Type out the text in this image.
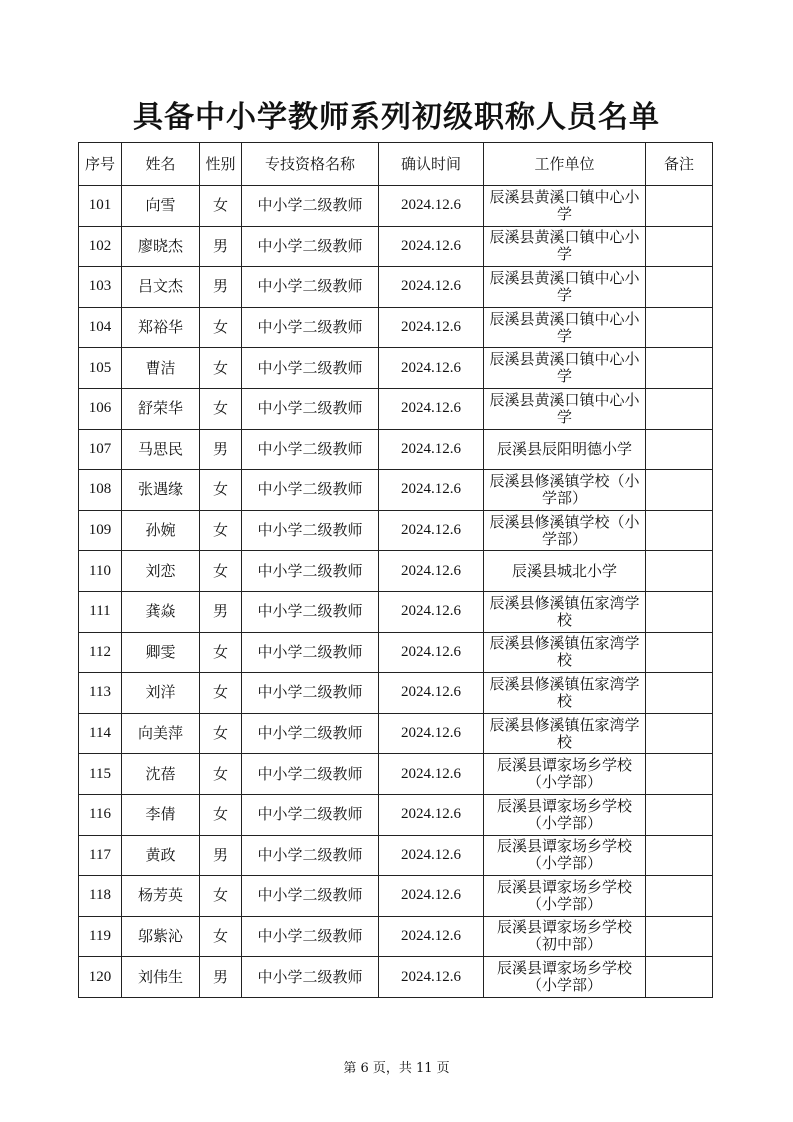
具备中小学教师系列初级职称人员名单
序号	姓名	性别	专技资格名称	确认时间	工作单位	备注
101	向雪	女	中小学二级教师	2024.12.6	辰溪县黄溪口镇中心小学	
102	廖晓杰	男	中小学二级教师	2024.12.6	辰溪县黄溪口镇中心小学	
103	吕文杰	男	中小学二级教师	2024.12.6	辰溪县黄溪口镇中心小学	
104	郑裕华	女	中小学二级教师	2024.12.6	辰溪县黄溪口镇中心小学	
105	曹洁	女	中小学二级教师	2024.12.6	辰溪县黄溪口镇中心小学	
106	舒荣华	女	中小学二级教师	2024.12.6	辰溪县黄溪口镇中心小学	
107	马思民	男	中小学二级教师	2024.12.6	辰溪县辰阳明德小学	
108	张遇缘	女	中小学二级教师	2024.12.6	辰溪县修溪镇学校（小学部）	
109	孙婉	女	中小学二级教师	2024.12.6	辰溪县修溪镇学校（小学部）	
110	刘恋	女	中小学二级教师	2024.12.6	辰溪县城北小学	
111	龚焱	男	中小学二级教师	2024.12.6	辰溪县修溪镇伍家湾学校	
112	卿雯	女	中小学二级教师	2024.12.6	辰溪县修溪镇伍家湾学校	
113	刘洋	女	中小学二级教师	2024.12.6	辰溪县修溪镇伍家湾学校	
114	向美萍	女	中小学二级教师	2024.12.6	辰溪县修溪镇伍家湾学校	
115	沈蓓	女	中小学二级教师	2024.12.6	辰溪县谭家场乡学校（小学部）	
116	李倩	女	中小学二级教师	2024.12.6	辰溪县谭家场乡学校（小学部）	
117	黄政	男	中小学二级教师	2024.12.6	辰溪县谭家场乡学校（小学部）	
118	杨芳英	女	中小学二级教师	2024.12.6	辰溪县谭家场乡学校（小学部）	
119	邬紫沁	女	中小学二级教师	2024.12.6	辰溪县谭家场乡学校（初中部）	
120	刘伟生	男	中小学二级教师	2024.12.6	辰溪县谭家场乡学校（小学部）	
第 6 页，共 11 页
